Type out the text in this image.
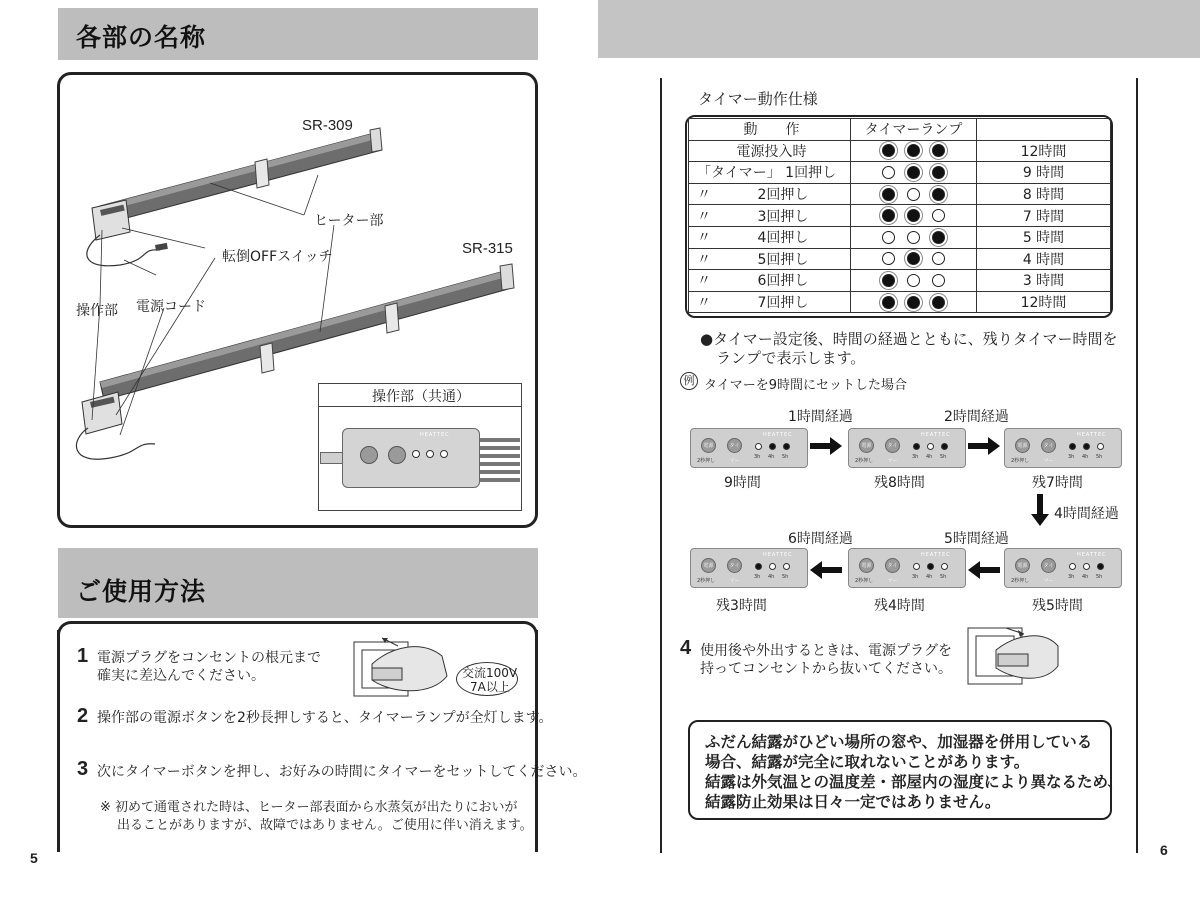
各部の名称
SR-309
ヒーター部
SR-315
転倒OFFスイッチ
操作部 電源コード
操作部（共通）
HEATTEC
ご使用方法
1 電源プラグをコンセントの根元まで
確実に差込んでください。	交流100V
7A以上
2 操作部の電源ボタンを2秒長押しすると、タイマーランプが全灯します。
3 次にタイマーボタンを押し、お好みの時間にタイマーをセットしてください。
※ 初めて通電された時は、ヒーター部表面から水蒸気が出たりにおいが
出ることがありますが、故障ではありません。ご使用に伴い消えます。
5
タイマー動作仕様
動　　作	タイマーランプ	
電源投入時		12時間
「タイマー」 1回押し		9 時間
〃　　　 2回押し		8 時間
〃　　　 3回押し		7 時間
〃　　　 4回押し		5 時間
〃　　　 5回押し		4 時間
〃　　　 6回押し		3 時間
〃　　　 7回押し		12時間
●タイマー設定後、時間の経過とともに、残りタイマー時間を
ランプで表示します。
例 タイマーを9時間にセットした場合
1時間経過	2時間経過
4時間経過
5時間経過
6時間経過
電源	タイマー
HEATTEC
2秒押し
3h 4h 5h
電源	タイマー
HEATTEC
2秒押し
3h 4h 5h
電源	タイマー
HEATTEC
2秒押し
3h 4h 5h
電源	タイマー
HEATTEC
2秒押し
3h 4h 5h
電源	タイマー
HEATTEC
2秒押し
3h 4h 5h
電源	タイマー
HEATTEC
2秒押し
3h 4h 5h
9時間	残8時間	残7時間
残5時間
残4時間
残3時間
4 使用後や外出するときは、電源プラグを
持ってコンセントから抜いてください。
ふだん結露がひどい場所の窓や、加湿器を併用している
場合、結露が完全に取れないことがあります。
結露は外気温との温度差・部屋内の湿度により異なるため、
結露防止効果は日々一定ではありません。
6
